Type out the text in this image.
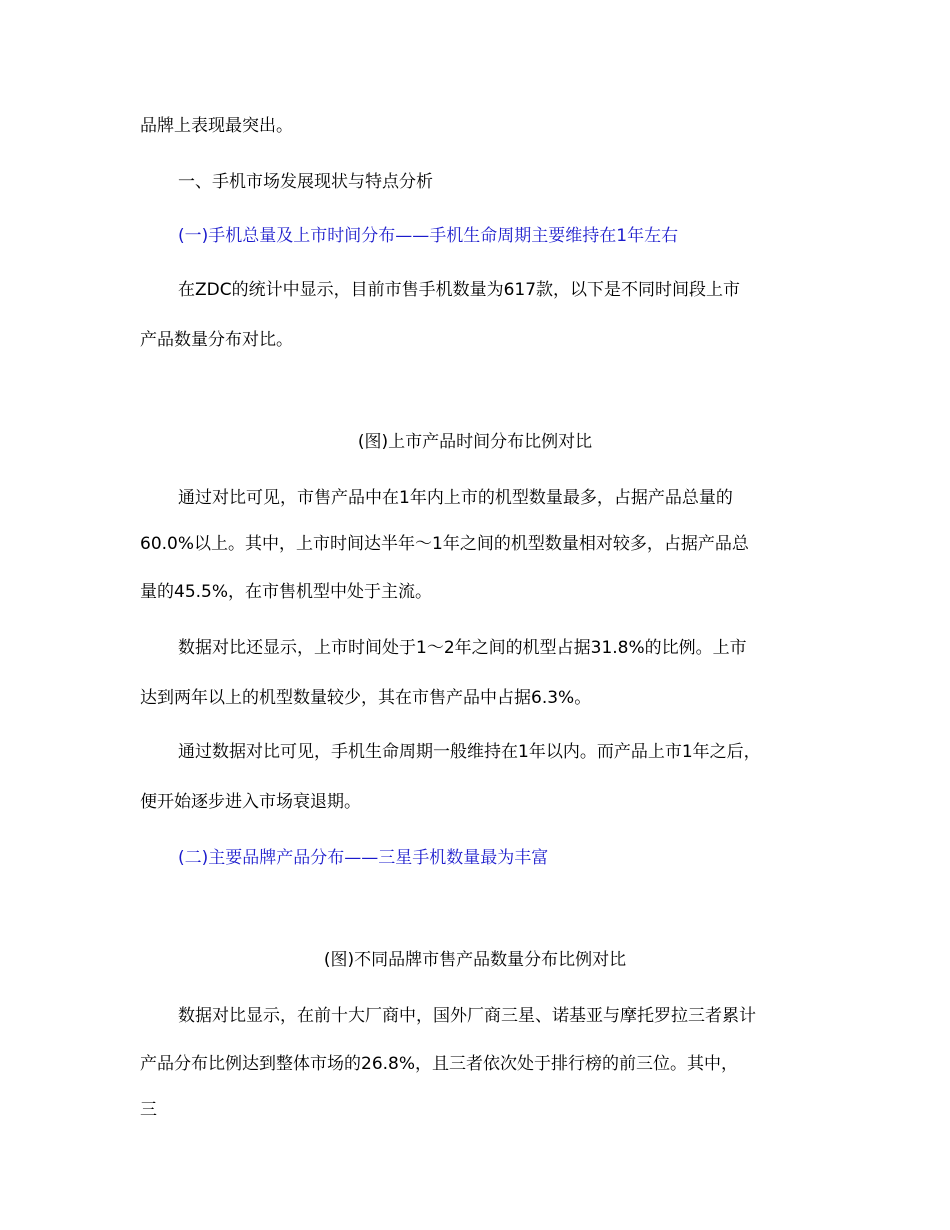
品牌上表现最突出。
一、手机市场发展现状与特点分析
(一)手机总量及上市时间分布——手机生命周期主要维持在1年左右
在ZDC的统计中显示，目前市售手机数量为617款，以下是不同时间段上市
产品数量分布对比。
(图)上市产品时间分布比例对比
通过对比可见，市售产品中在1年内上市的机型数量最多，占据产品总量的
60.0%以上。其中，上市时间达半年～1年之间的机型数量相对较多，占据产品总
量的45.5%，在市售机型中处于主流。
数据对比还显示，上市时间处于1～2年之间的机型占据31.8%的比例。上市
达到两年以上的机型数量较少，其在市售产品中占据6.3%。
通过数据对比可见，手机生命周期一般维持在1年以内。而产品上市1年之后，
便开始逐步进入市场衰退期。
(二)主要品牌产品分布——三星手机数量最为丰富
(图)不同品牌市售产品数量分布比例对比
数据对比显示，在前十大厂商中，国外厂商三星、诺基亚与摩托罗拉三者累计
产品分布比例达到整体市场的26.8%，且三者依次处于排行榜的前三位。其中，
三
